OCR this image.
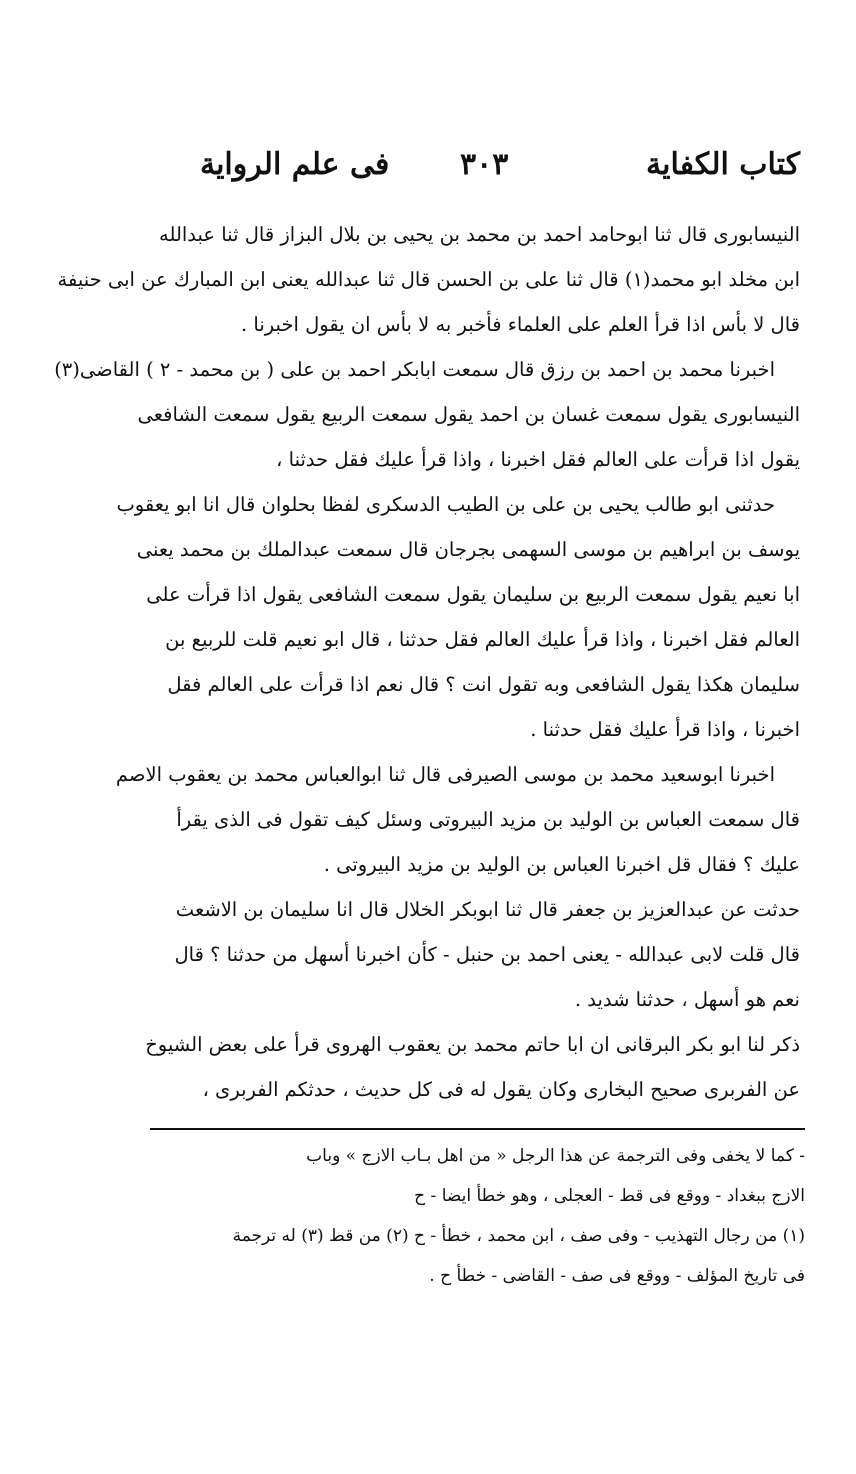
كتاب الكفاية
٣٠٣
فى علم الرواية
النيسابورى قال ثنا ابوحامد احمد بن محمد بن يحيى بن بلال البزاز قال ثنا عبدالله
ابن مخلد ابو محمد(١) قال ثنا على بن الحسن قال ثنا عبدالله يعنى ابن المبارك عن ابى حنيفة
قال لا بأس اذا قرأ العلم على العلماء فأخبر به لا بأس ان يقول اخبرنا .
اخبرنا محمد بن احمد بن رزق قال سمعت ابابكر احمد بن على ( بن محمد - ٢ ) القاضى(٣)
النيسابورى يقول سمعت غسان بن احمد يقول سمعت الربيع يقول سمعت الشافعى
يقول اذا قرأت على العالم فقل اخبرنا ، واذا قرأ عليك فقل حدثنا ،
حدثنى ابو طالب يحيى بن على بن الطيب الدسكرى لفظا بحلوان قال انا ابو يعقوب
يوسف بن ابراهيم بن موسى السهمى بجرجان قال سمعت عبدالملك بن محمد يعنى
ابا نعيم يقول سمعت الربيع بن سليمان يقول سمعت الشافعى يقول اذا قرأت على
العالم فقل اخبرنا ، واذا قرأ عليك العالم فقل حدثنا ، قال ابو نعيم قلت للربيع بن
سليمان هكذا يقول الشافعى وبه تقول انت ؟ قال نعم اذا قرأت على العالم فقل
اخبرنا ، واذا قرأ عليك فقل حدثنا .
اخبرنا ابوسعيد محمد بن موسى الصيرفى قال ثنا ابوالعباس محمد بن يعقوب الاصم
قال سمعت العباس بن الوليد بن مزيد البيروتى وسئل كيف تقول فى الذى يقرأ
عليك ؟ فقال قل اخبرنا العباس بن الوليد بن مزيد البيروتى .
حدثت عن عبدالعزيز بن جعفر قال ثنا ابوبكر الخلال قال انا سليمان بن الاشعث
قال قلت لابى عبدالله - يعنى احمد بن حنبل - كأن اخبرنا أسهل من حدثنا ؟ قال
نعم هو أسهل ، حدثنا شديد .
ذكر لنا ابو بكر البرقانى ان ابا حاتم محمد بن يعقوب الهروى قرأ على بعض الشيوخ
عن الفربرى صحيح البخارى وكان يقول له فى كل حديث ، حدثكم الفربرى ،
- كما لا يخفى وفى الترجمة عن هذا الرجل « من اهل بـاب الازج » وباب
الازج ببغداد - ووقع فى قط - العجلى ، وهو خطأ ايضا - ح
(١) من رجال التهذيب - وفى صف ، ابن محمد ، خطأ - ح (٢) من قط (٣) له ترجمة
فى تاريخ المؤلف - ووقع فى صف - القاضى - خطأ ح .
